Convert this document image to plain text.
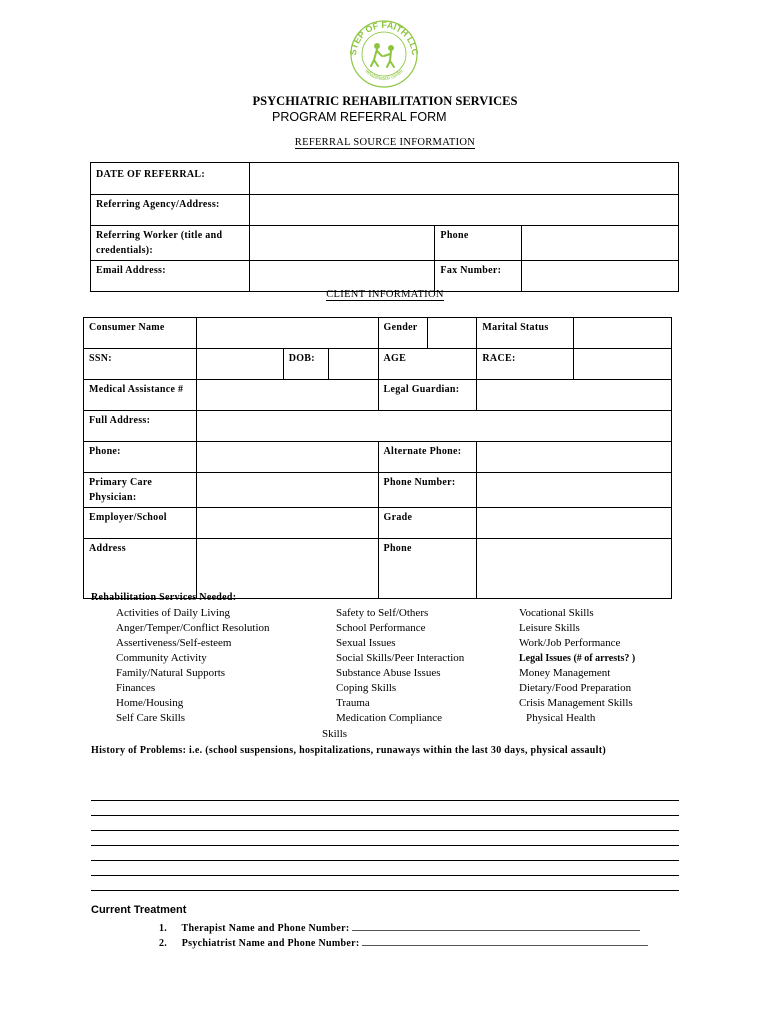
STEP OF FAITH LLC
rehabilitation center
PSYCHIATRIC REHABILITATION SERVICES
PROGRAM REFERRAL FORM
REFERRAL SOURCE INFORMATION
DATE OF REFERRAL:			
Referring Agency/Address:			
Referring Worker (title and credentials):		Phone	
Email Address:		Fax Number:	
CLIENT INFORMATION
Consumer Name				Gender	Marital Status	
SSN:		DOB:		AGE	RACE:	
Medical Assistance #				Legal Guardian:		
Full Address:						
Phone:				Alternate Phone:		
Primary Care Physician:				Phone Number:		
Employer/School				Grade		
Address				Phone		
Rehabilitation Services Needed:
Activities of Daily Living
Anger/Temper/Conflict Resolution
Assertiveness/Self-esteem
Community Activity
Family/Natural Supports
Finances
Home/Housing
Self Care Skills
Safety to Self/Others
School Performance
Sexual Issues
Social Skills/Peer Interaction
Substance Abuse Issues
Coping Skills
Trauma
Medication Compliance
Vocational Skills
Leisure Skills
Work/Job Performance
Legal Issues (# of arrests? )
Money Management
Dietary/Food Preparation
Crisis Management Skills
Physical Health
Skills
History of Problems: i.e. (school suspensions, hospitalizations, runaways within the last 30 days, physical assault)
Current Treatment
1. Therapist Name and Phone Number:
2. Psychiatrist Name and Phone Number:
